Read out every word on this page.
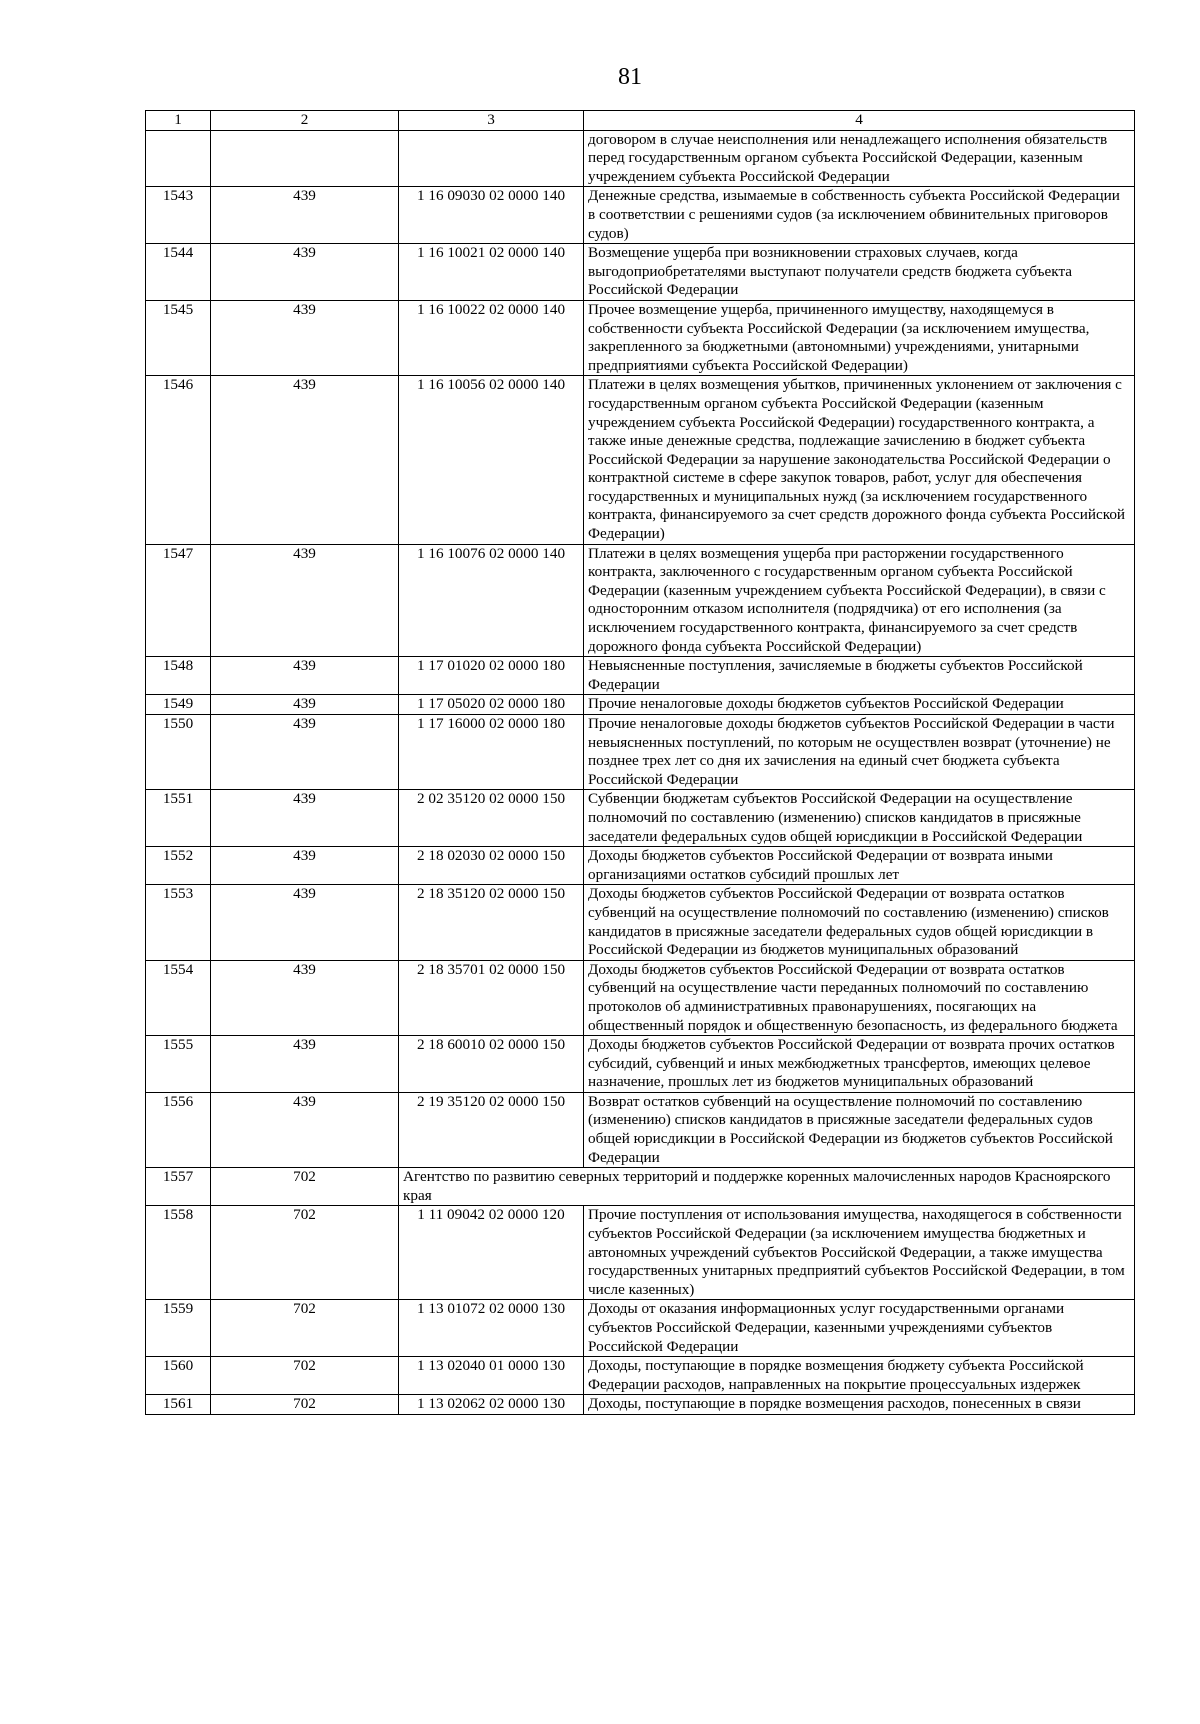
81
1	2	3	4
			договором в случае неисполнения или ненадлежащего исполнения обязательств перед государственным органом субъекта Российской Федерации, казенным учреждением субъекта Российской Федерации
1543	439	1 16 09030 02 0000 140	Денежные средства, изымаемые в собственность субъекта Российской Федерации в соответствии с решениями судов (за исключением обвинительных приговоров судов)
1544	439	1 16 10021 02 0000 140	Возмещение ущерба при возникновении страховых случаев, когда выгодоприобретателями выступают получатели средств бюджета субъекта Российской Федерации
1545	439	1 16 10022 02 0000 140	Прочее возмещение ущерба, причиненного имуществу, находящемуся в собственности субъекта Российской Федерации (за исключением имущества, закрепленного за бюджетными (автономными) учреждениями, унитарными предприятиями субъекта Российской Федерации)
1546	439	1 16 10056 02 0000 140	Платежи в целях возмещения убытков, причиненных уклонением от заключения с государственным органом субъекта Российской Федерации (казенным учреждением субъекта Российской Федерации) государственного контракта, а также иные денежные средства, подлежащие зачислению в бюджет субъекта Российской Федерации за нарушение законодательства Российской Федерации о контрактной системе в сфере закупок товаров, работ, услуг для обеспечения государственных и муниципальных нужд (за исключением государственного контракта, финансируемого за счет средств дорожного фонда субъекта Российской Федерации)
1547	439	1 16 10076 02 0000 140	Платежи в целях возмещения ущерба при расторжении государственного контракта, заключенного с государственным органом субъекта Российской Федерации (казенным учреждением субъекта Российской Федерации), в связи с односторонним отказом исполнителя (подрядчика) от его исполнения (за исключением государственного контракта, финансируемого за счет средств дорожного фонда субъекта Российской Федерации)
1548	439	1 17 01020 02 0000 180	Невыясненные поступления, зачисляемые в бюджеты субъектов Российской Федерации
1549	439	1 17 05020 02 0000 180	Прочие неналоговые доходы бюджетов субъектов Российской Федерации
1550	439	1 17 16000 02 0000 180	Прочие неналоговые доходы бюджетов субъектов Российской Федерации в части невыясненных поступлений, по которым не осуществлен возврат (уточнение) не позднее трех лет со дня их зачисления на единый счет бюджета субъекта Российской Федерации
1551	439	2 02 35120 02 0000 150	Субвенции бюджетам субъектов Российской Федерации на осуществление полномочий по составлению (изменению) списков кандидатов в присяжные заседатели федеральных судов общей юрисдикции в Российской Федерации
1552	439	2 18 02030 02 0000 150	Доходы бюджетов субъектов Российской Федерации от возврата иными организациями остатков субсидий прошлых лет
1553	439	2 18 35120 02 0000 150	Доходы бюджетов субъектов Российской Федерации от возврата остатков субвенций на осуществление полномочий по составлению (изменению) списков кандидатов в присяжные заседатели федеральных судов общей юрисдикции в Российской Федерации из бюджетов муниципальных образований
1554	439	2 18 35701 02 0000 150	Доходы бюджетов субъектов Российской Федерации от возврата остатков субвенций на осуществление части переданных полномочий по составлению протоколов об административных правонарушениях, посягающих на общественный порядок и общественную безопасность, из федерального бюджета
1555	439	2 18 60010 02 0000 150	Доходы бюджетов субъектов Российской Федерации от возврата прочих остатков субсидий, субвенций и иных межбюджетных трансфертов, имеющих целевое назначение, прошлых лет из бюджетов муниципальных образований
1556	439	2 19 35120 02 0000 150	Возврат остатков субвенций на осуществление полномочий по составлению (изменению) списков кандидатов в присяжные заседатели федеральных судов общей юрисдикции в Российской Федерации из бюджетов субъектов Российской Федерации
1557	702	Агентство по развитию северных территорий и поддержке коренных малочисленных народов Красноярского края	
1558	702	1 11 09042 02 0000 120	Прочие поступления от использования имущества, находящегося в собственности субъектов Российской Федерации (за исключением имущества бюджетных и автономных учреждений субъектов Российской Федерации, а также имущества государственных унитарных предприятий субъектов Российской Федерации, в том числе казенных)
1559	702	1 13 01072 02 0000 130	Доходы от оказания информационных услуг государственными органами субъектов Российской Федерации, казенными учреждениями субъектов Российской Федерации
1560	702	1 13 02040 01 0000 130	Доходы, поступающие в порядке возмещения бюджету субъекта Российской Федерации расходов, направленных на покрытие процессуальных издержек
1561	702	1 13 02062 02 0000 130	Доходы, поступающие в порядке возмещения расходов, понесенных в связи
